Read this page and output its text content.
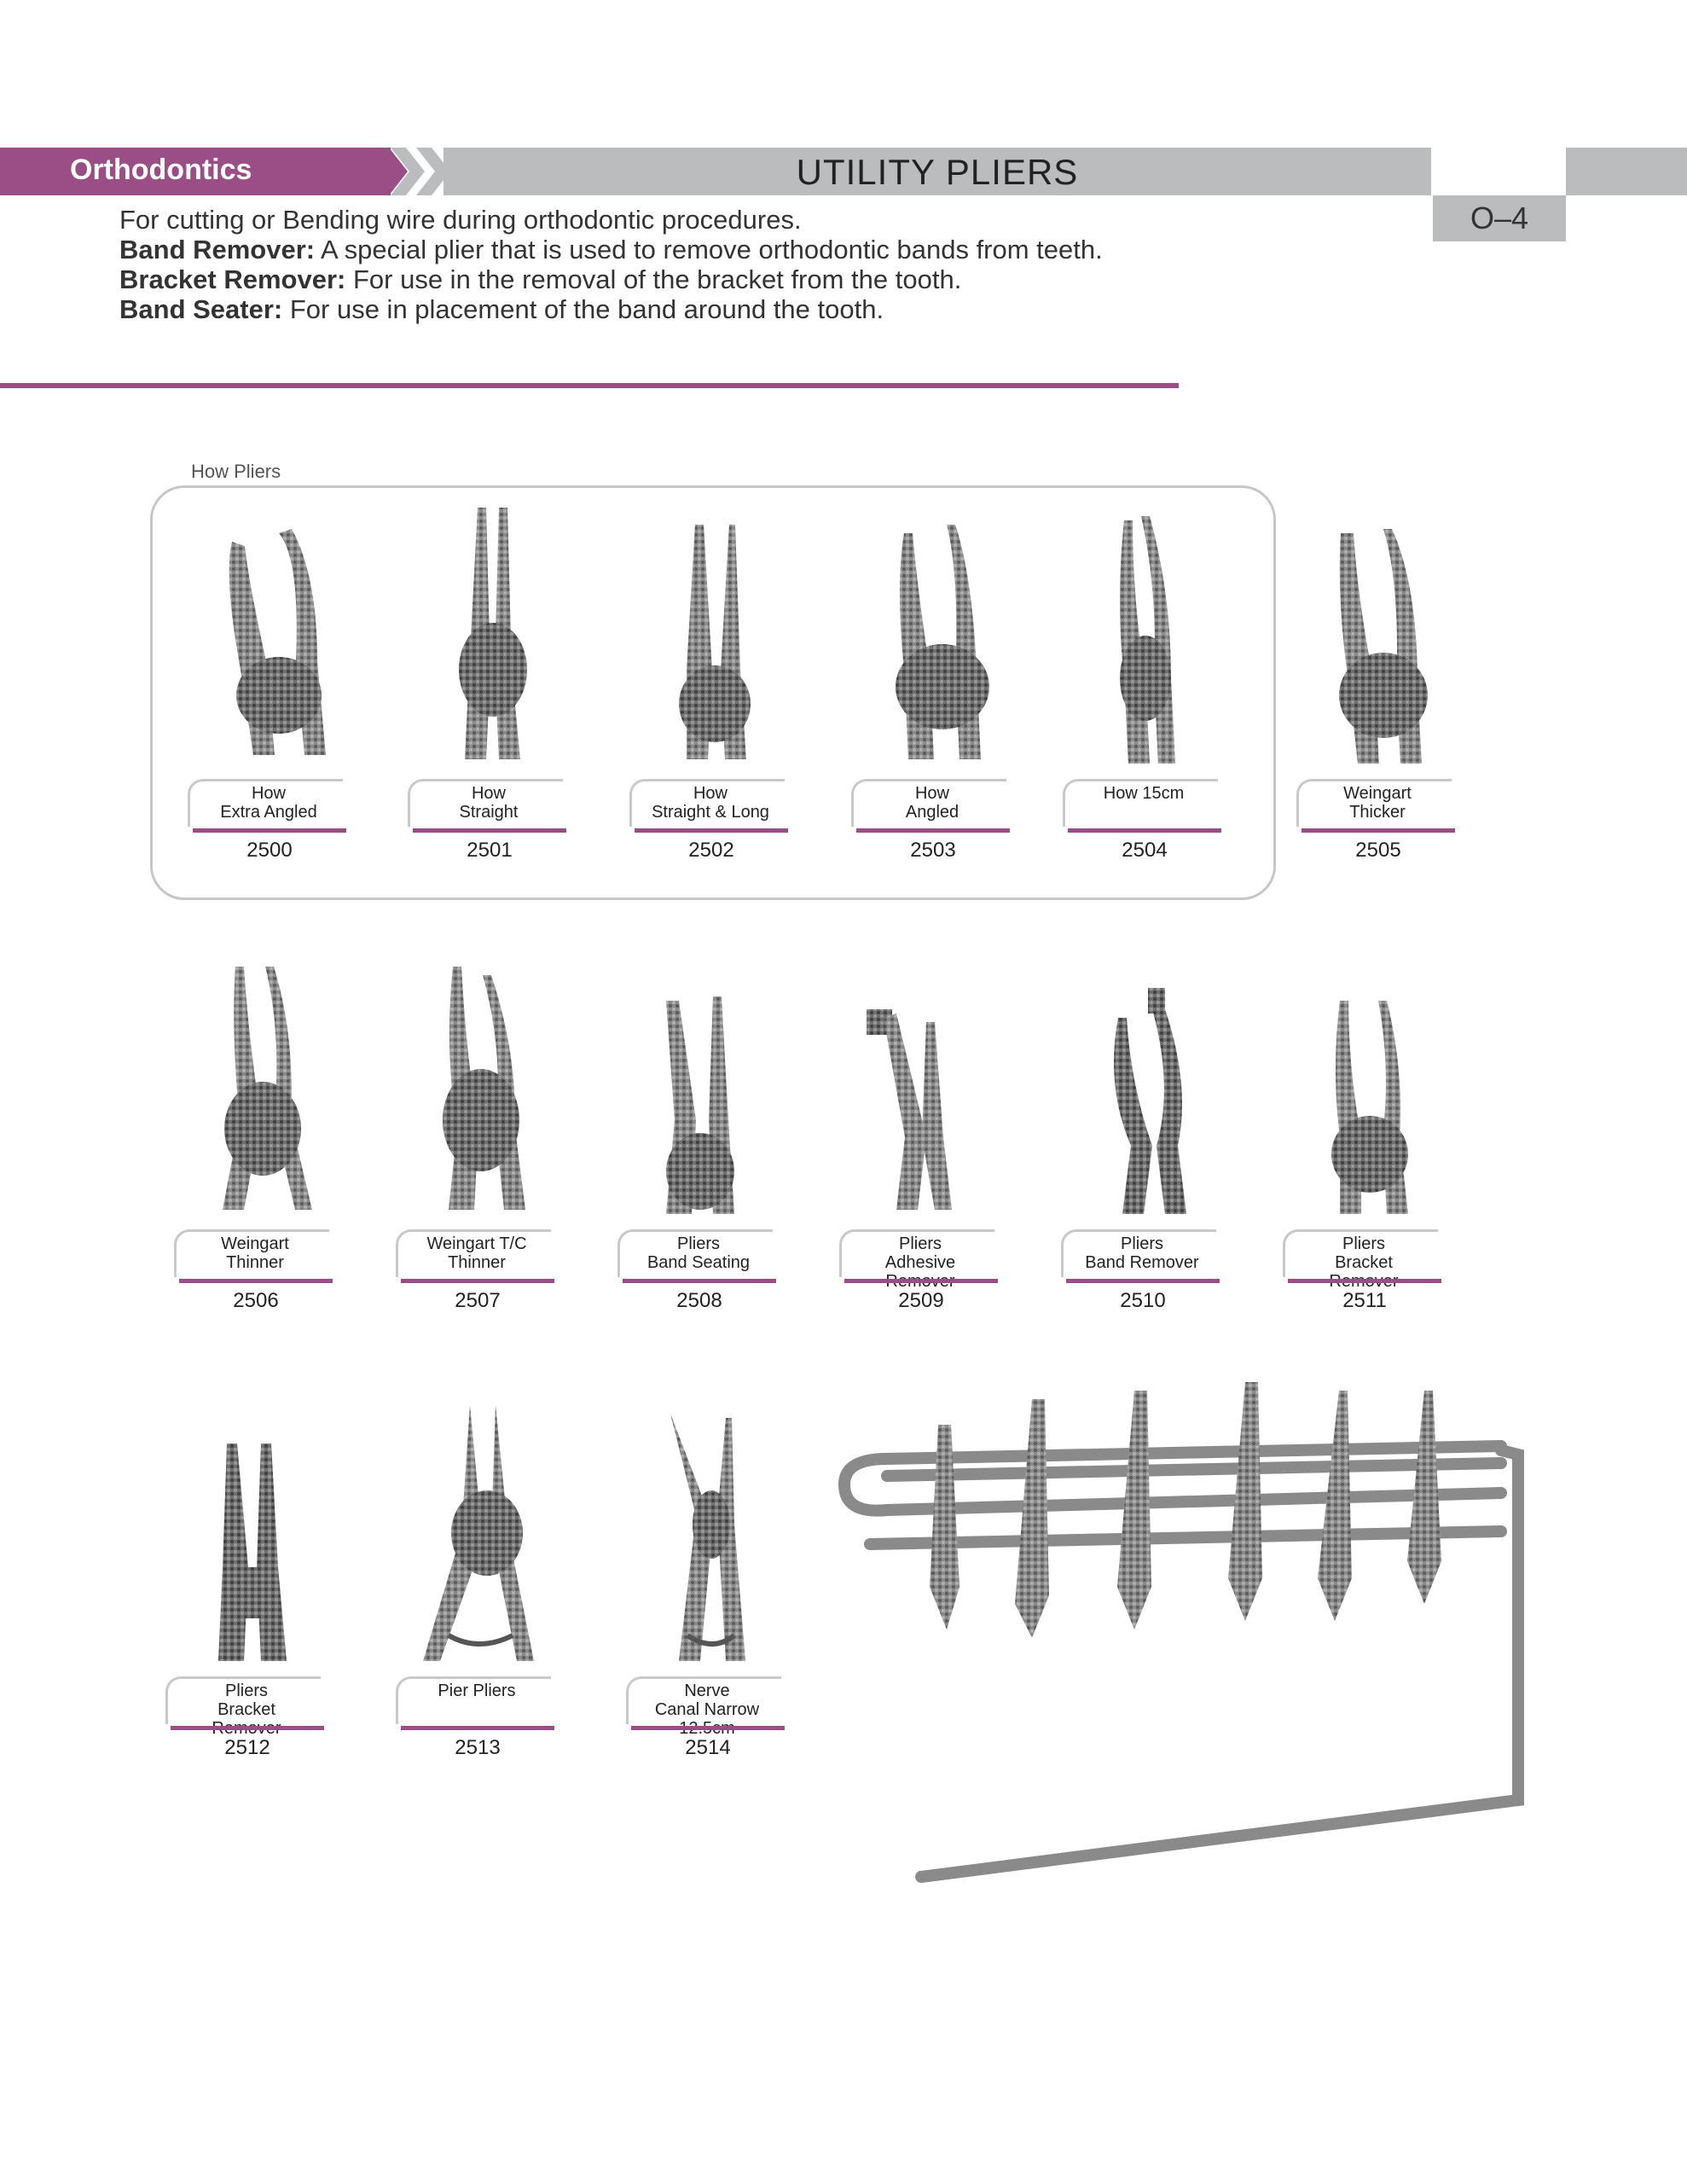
Orthodontics	UTILITY PLIERS
O–4

For cutting or Bending wire during orthodontic procedures.

Band Remover: A special plier that is used to remove orthodontic bands from teeth.

Bracket Remover: For use in the removal of the bracket from the tooth.

Band Seater: For use in placement of the band around the tooth.

How Pliers
How
Extra Angled
2500
How
Straight
2501
How
Straight & Long
2502
How
Angled
2503
How 15cm
2504
Weingart
Thicker
2505
Weingart
Thinner
2506
Weingart T/C
Thinner
2507
Pliers
Band Seating
2508
Pliers
Adhesive

2509
Pliers
Band Remover
2510
Pliers
Bracket

2511
Pliers
Bracket

2512
Pier Pliers
2513
Nerve
Canal Narrow

2514
